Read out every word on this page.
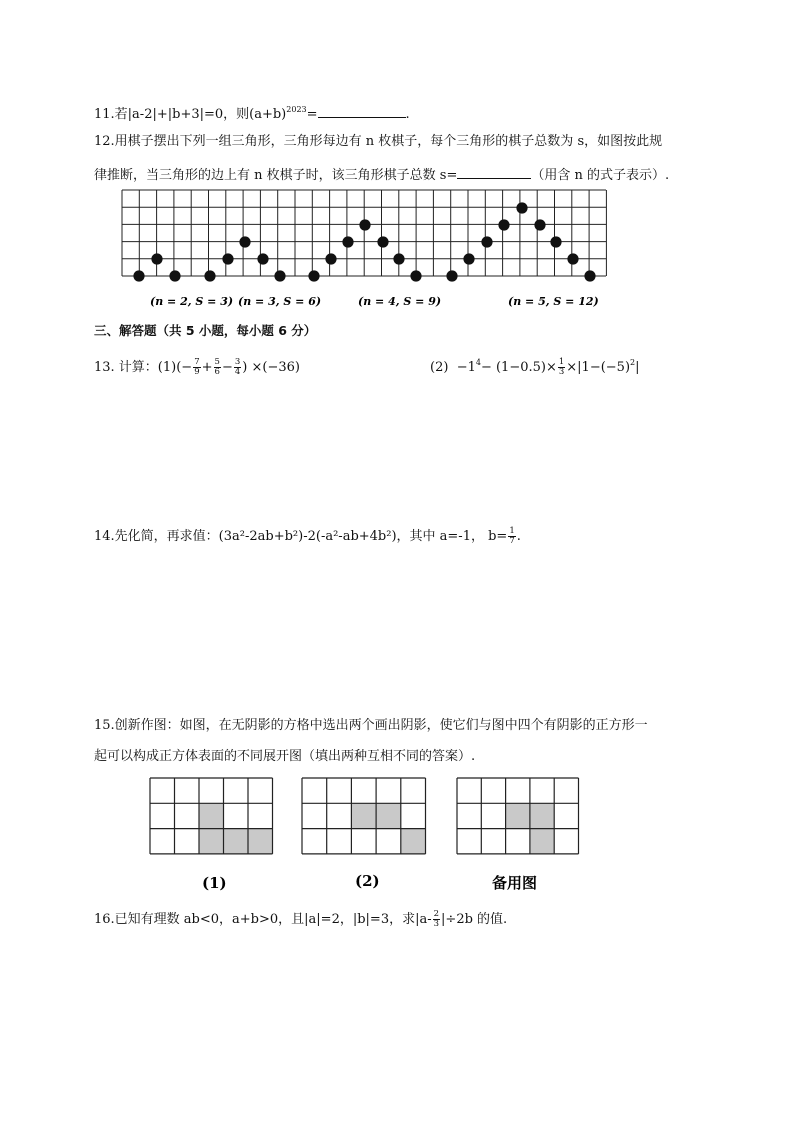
11.若|a-2|+|b+3|=0，则$(a+b)^{2023}=$	.
12.用棋子摆出下列一组三角形，三角形每边有 n 枚棋子，每个三角形的棋子总数为 s，如图按此规
律推断，当三角形的边上有 n 枚棋子时，该三角形棋子总数 s=	（用含 n 的式子表示）.
(n = 2, S = 3) (n = 3, S = 6)	(n = 4, S = 9)	(n = 5, S = 12)
(1)	(2)	备用图
三、解答题（共 5 小题，每小题 6 分）
13. 计算：$(1)(- \frac{7}{9} + \frac{5}{6} - \frac{3}{4}$ ) ×(−36)	$(2) -1^4- (1-0.5)\times \frac{1}{3} \times|1-(-5)^2|$
14.先化简，再求值：(3a²-2ab+b²)-2(-a²-ab+4b²)，其中 a=-1， $b= \frac{1}{7}$ .
15.创新作图：如图，在无阴影的方格中选出两个画出阴影，使它们与图中四个有阴影的正方形一
起可以构成正方体表面的不同展开图（填出两种互相不同的答案）.
16.已知有理数 ab<0，a+b>0，且|a|=2，|b|=3，求$|a- \frac{2}{3} |\div 2b$ 的值.
